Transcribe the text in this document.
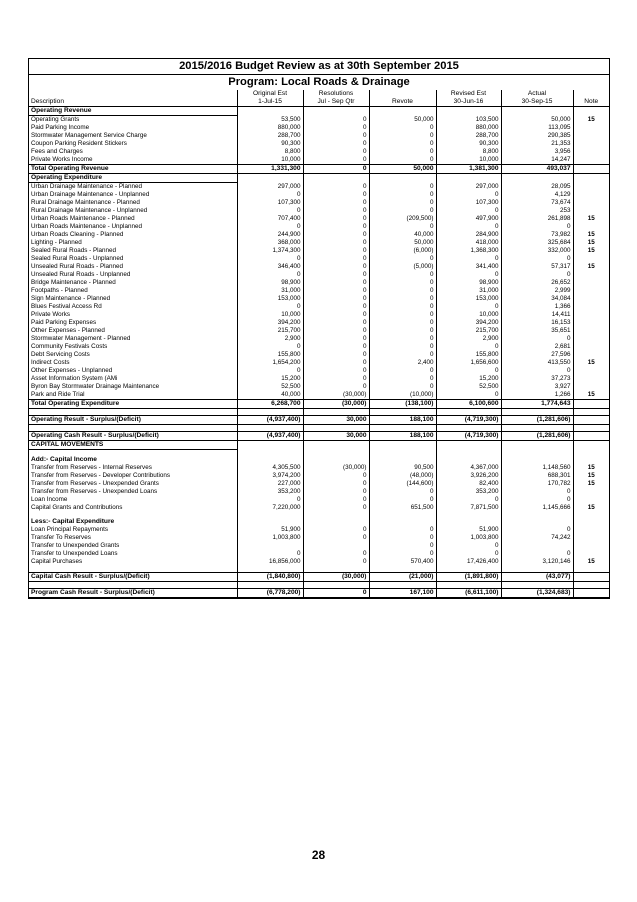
2015/2016 Budget Review as at 30th September 2015
Program: Local Roads & Drainage
	Original Est	Resolutions		Revised Est	Actual	
Description	1-Jul-15	Jul - Sep Qtr	Revote	30-Jun-16	30-Sep-15	Note
Operating Revenue						
Operating Grants	53,500	0	50,000	103,500	50,000	15
Paid Parking Income	880,000	0	0	880,000	113,095	
Stormwater Management Service Charge	288,700	0	0	288,700	290,385	
Coupon Parking Resident Stickers	90,300	0	0	90,300	21,353	
Fees and Charges	8,800	0	0	8,800	3,956	
Private Works Income	10,000	0	0	10,000	14,247	
Total Operating Revenue	1,331,300	0	50,000	1,381,300	493,037	
Operating Expenditure						
Urban Drainage Maintenance - Planned	297,000	0	0	297,000	28,095	
Urban Drainage Maintenance - Unplanned	0	0	0	0	4,129	
Rural Drainage Maintenance - Planned	107,300	0	0	107,300	73,674	
Rural Drainage Maintenance - Unplanned	0	0	0	0	253	
Urban Roads Maintenance - Planned	707,400	0	(209,500)	497,900	261,898	15
Urban Roads Maintenance - Unplanned	0	0	0	0	0	
Urban Roads Cleaning - Planned	244,900	0	40,000	284,900	73,982	15
Lighting - Planned	368,000	0	50,000	418,000	325,684	15
Sealed Rural Roads - Planned	1,374,300	0	(6,000)	1,368,300	332,000	15
Sealed Rural Roads - Unplanned	0	0	0	0	0	
Unsealed Rural Roads - Planned	346,400	0	(5,000)	341,400	57,317	15
Unsealed Rural Roads - Unplanned	0	0	0	0	0	
Bridge Maintenance - Planned	98,900	0	0	98,900	26,652	
Footpaths - Planned	31,000	0	0	31,000	2,999	
Sign Maintenance - Planned	153,000	0	0	153,000	34,084	
Blues Festival Access Rd	0	0	0	0	1,366	
Private Works	10,000	0	0	10,000	14,411	
Paid Parking Expenses	394,200	0	0	394,200	16,153	
Other Expenses - Planned	215,700	0	0	215,700	35,651	
Stormwater Management - Planned	2,900	0	0	2,900	0	
Community Festivals Costs	0	0	0	0	2,681	
Debt Servicing Costs	155,800	0	0	155,800	27,596	
Indirect Costs	1,654,200	0	2,400	1,656,600	413,550	15
Other Expenses - Unplanned	0	0	0	0	0	
Asset Information System (AMi	15,200	0	0	15,200	37,273	
Byron Bay Stormwater Drainage Maintenance	52,500	0	0	52,500	3,927	
Park and Ride Trial	40,000	(30,000)	(10,000)	0	1,266	15
Total Operating Expenditure	6,268,700	(30,000)	(138,100)	6,100,600	1,774,643	

Operating Result - Surplus/(Deficit)	(4,937,400)	30,000	188,100	(4,719,300)	(1,281,606)	

Operating Cash Result - Surplus/(Deficit)	(4,937,400)	30,000	188,100	(4,719,300)	(1,281,606)	
CAPITAL MOVEMENTS						

Add:- Capital Income						
Transfer from Reserves - Internal Reserves	4,305,500	(30,000)	90,500	4,367,000	1,148,560	15
Transfer from Reserves - Developer Contributions	3,974,200	0	(48,000)	3,926,200	688,301	15
Transfer from Reserves - Unexpended Grants	227,000	0	(144,600)	82,400	170,782	15
Transfer from Reserves - Unexpended Loans	353,200	0	0	353,200	0	
Loan Income	0	0	0	0	0	
Capital Grants and Contributions	7,220,000	0	651,500	7,871,500	1,145,666	15

Less:- Capital Expenditure						
Loan Principal Repayments	51,900	0	0	51,900	0	
Transfer To Reserves	1,003,800	0	0	1,003,800	74,242	
Transfer to Unexpended Grants			0	0		
Transfer to Unexpended Loans	0	0	0	0	0	
Capital Purchases	16,856,000	0	570,400	17,426,400	3,120,146	15

Capital Cash Result - Surplus/(Deficit)	(1,840,800)	(30,000)	(21,000)	(1,891,800)	(43,077)	

Program Cash Result - Surplus/(Deficit)	(6,778,200)	0	167,100	(6,611,100)	(1,324,683)	
28
